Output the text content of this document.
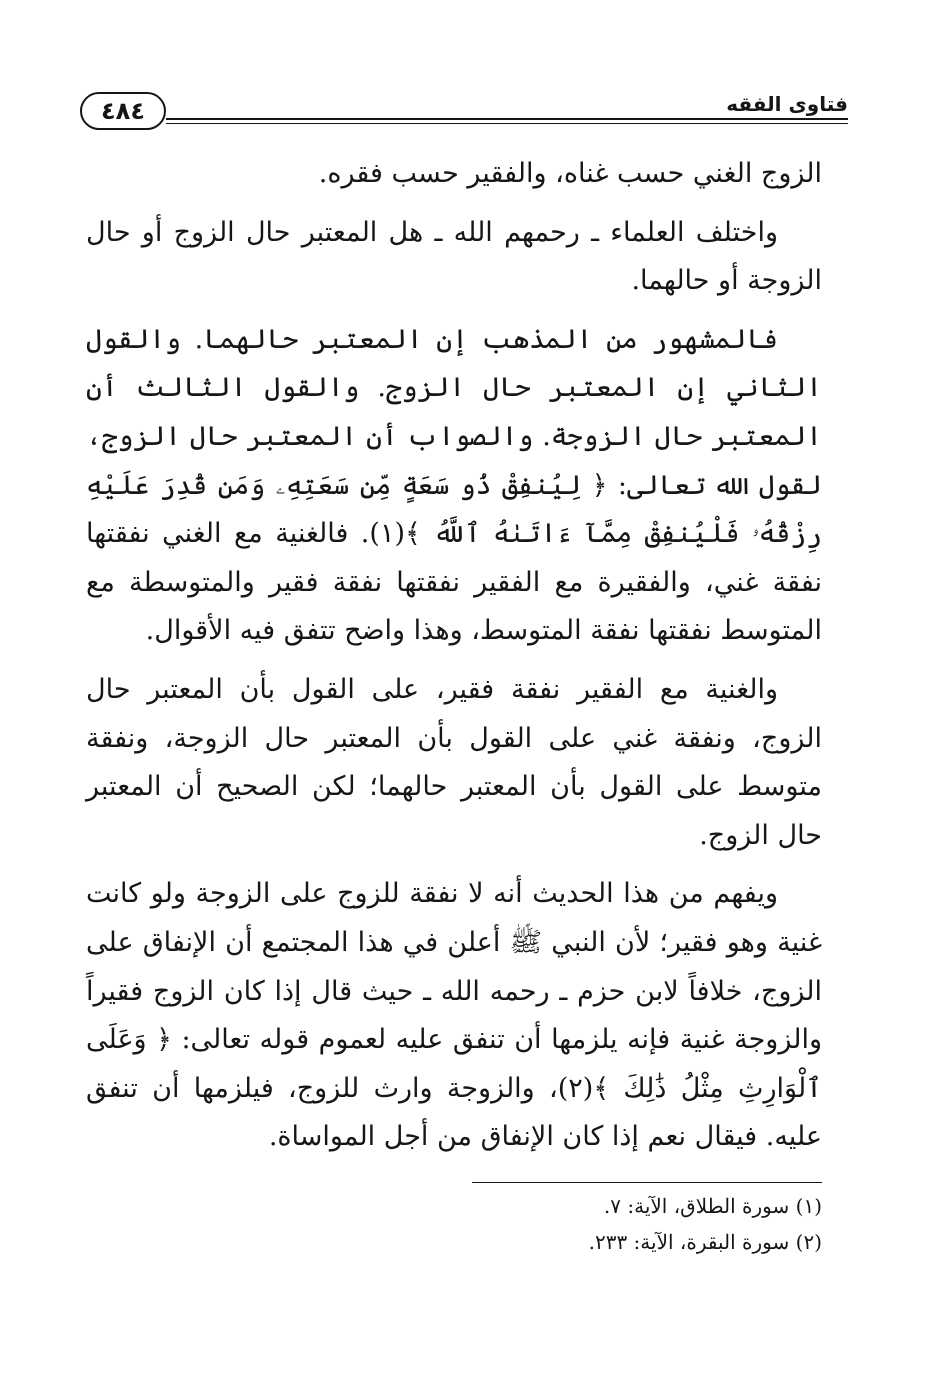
٤٨٤	فتاوى الفقه

الزوج الغني حسب غناه، والفقير حسب فقره.

واختلف العلماء ـ رحمهم الله ـ هل المعتبر حال الزوج أو حال الزوجة أو حالهما.

فالمشهور من المذهب إن المعتبر حالهما. والقول الثاني إن المعتبر حال الزوج. والقول الثالث أن المعتبر حال الزوجة. والصواب أن المعتبر حال الزوج، لقول الله تعالى: ﴿ لِيُنفِقْ ذُو سَعَةٍ مِّن سَعَتِهِۦ وَمَن قُدِرَ عَلَيْهِ رِزْقُهُۥ فَلْيُنفِقْ مِمَّآ ءَاتَىٰهُ ٱللَّهُ ﴾(١). فالغنية مع الغني نفقتها نفقة غني، والفقيرة مع الفقير نفقتها نفقة فقير والمتوسطة مع المتوسط نفقتها نفقة المتوسط، وهذا واضح تتفق فيه الأقوال.

والغنية مع الفقير نفقة فقير، على القول بأن المعتبر حال الزوج، ونفقة غني على القول بأن المعتبر حال الزوجة، ونفقة متوسط على القول بأن المعتبر حالهما؛ لكن الصحيح أن المعتبر حال الزوج.

ويفهم من هذا الحديث أنه لا نفقة للزوج على الزوجة ولو كانت غنية وهو فقير؛ لأن النبي ﷺ أعلن في هذا المجتمع أن الإنفاق على الزوج، خلافاً لابن حزم ـ رحمه الله ـ حيث قال إذا كان الزوج فقيراً والزوجة غنية فإنه يلزمها أن تنفق عليه لعموم قوله تعالى: ﴿ وَعَلَى ٱلْوَارِثِ مِثْلُ ذَٰلِكَ ﴾(٢)، والزوجة وارث للزوج، فيلزمها أن تنفق عليه. فيقال نعم إذا كان الإنفاق من أجل المواساة.

(١) سورة الطلاق، الآية: ٧.
(٢) سورة البقرة، الآية: ٢٣٣.
